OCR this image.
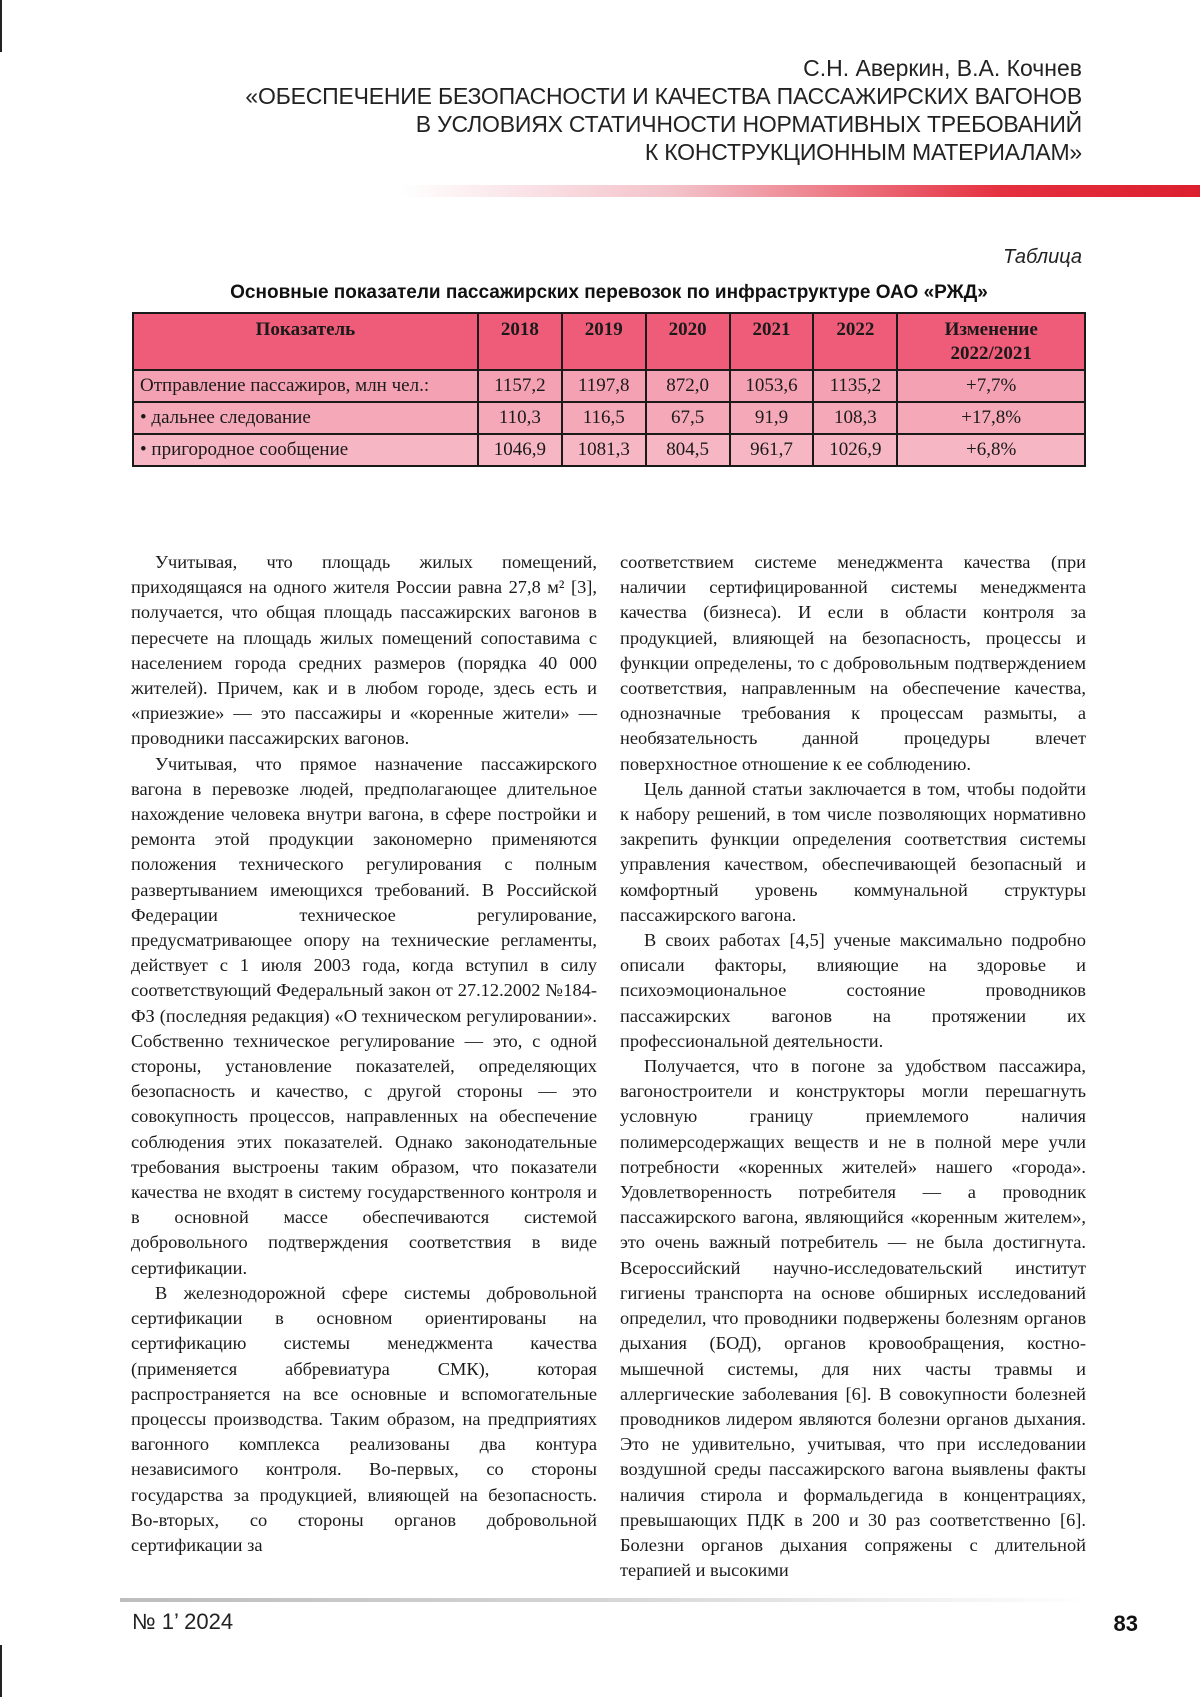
С.Н. Аверкин, В.А. Кочнев
«ОБЕСПЕЧЕНИЕ БЕЗОПАСНОСТИ И КАЧЕСТВА ПАССАЖИРСКИХ ВАГОНОВ
В УСЛОВИЯХ СТАТИЧНОСТИ НОРМАТИВНЫХ ТРЕБОВАНИЙ
К КОНСТРУКЦИОННЫМ МАТЕРИАЛАМ»
Таблица
Основные показатели пассажирских перевозок по инфраструктуре ОАО «РЖД»
Показатель	2018	2019	2020	2021	2022	Изменение 2022/2021
Отправление пассажиров, млн чел.:	1157,2	1197,8	872,0	1053,6	1135,2	+7,7%
• дальнее следование	110,3	116,5	67,5	91,9	108,3	+17,8%
• пригородное сообщение	1046,9	1081,3	804,5	961,7	1026,9	+6,8%

Учитывая, что площадь жилых помещений, приходящаяся на одного жителя России равна 27,8 м² [3], получается, что общая площадь пассажирских вагонов в пересчете на площадь жилых помещений сопоставима с населением города средних размеров (порядка 40 000 жителей). Причем, как и в любом городе, здесь есть и «приезжие» — это пассажиры и «коренные жители» — проводники пассажирских вагонов.

Учитывая, что прямое назначение пассажирского вагона в перевозке людей, предполагающее длительное нахождение человека внутри вагона, в сфере постройки и ремонта этой продукции закономерно применяются положения технического регулирования с полным развертыванием имеющихся требований. В Российской Федерации техническое регулирование, предусматривающее опору на технические регламенты, действует с 1 июля 2003 года, когда вступил в силу соответствующий Федеральный закон от 27.12.2002 №184-ФЗ (последняя редакция) «О техническом регулировании». Собственно техническое регулирование — это, с одной стороны, установление показателей, определяющих безопасность и качество, с другой стороны — это совокупность процессов, направленных на обеспечение соблюдения этих показателей. Однако законодательные требования выстроены таким образом, что показатели качества не входят в систему государственного контроля и в основной массе обеспечиваются системой добровольного подтверждения соответствия в виде сертификации.

В железнодорожной сфере системы добровольной сертификации в основном ориентированы на сертификацию системы менеджмента качества (применяется аббревиатура СМК), которая распространяется на все основные и вспомогательные процессы производства. Таким образом, на предприятиях вагонного комплекса реализованы два контура независимого контроля. Во-первых, со стороны государства за продукцией, влияющей на безопасность. Во-вторых, со стороны органов добровольной сертификации за

соответствием системе менеджмента качества (при наличии сертифицированной системы менеджмента качества (бизнеса). И если в области контроля за продукцией, влияющей на безопасность, процессы и функции определены, то с добровольным подтверждением соответствия, направленным на обеспечение качества, однозначные требования к процессам размыты, а необязательность данной процедуры влечет поверхностное отношение к ее соблюдению.

Цель данной статьи заключается в том, чтобы подойти к набору решений, в том числе позволяющих нормативно закрепить функции определения соответствия системы управления качеством, обеспечивающей безопасный и комфортный уровень коммунальной структуры пассажирского вагона.

В своих работах [4,5] ученые максимально подробно описали факторы, влияющие на здоровье и психоэмоциональное состояние проводников пассажирских вагонов на протяжении их профессиональной деятельности.

Получается, что в погоне за удобством пассажира, вагоностроители и конструкторы могли перешагнуть условную границу приемлемого наличия полимерсодержащих веществ и не в полной мере учли потребности «коренных жителей» нашего «города». Удовлетворенность потребителя — а проводник пассажирского вагона, являющийся «коренным жителем», это очень важный потребитель — не была достигнута. Всероссийский научно-исследовательский институт гигиены транспорта на основе обширных исследований определил, что проводники подвержены болезням органов дыхания (БОД), органов кровообращения, костно-мышечной системы, для них часты травмы и аллергические заболевания [6]. В совокупности болезней проводников лидером являются болезни органов дыхания. Это не удивительно, учитывая, что при исследовании воздушной среды пассажирского вагона выявлены факты наличия стирола и формальдегида в концентрациях, превышающих ПДК в 200 и 30 раз соответственно [6]. Болезни органов дыхания сопряжены с длительной терапией и высокими

№ 1’ 2024	83
